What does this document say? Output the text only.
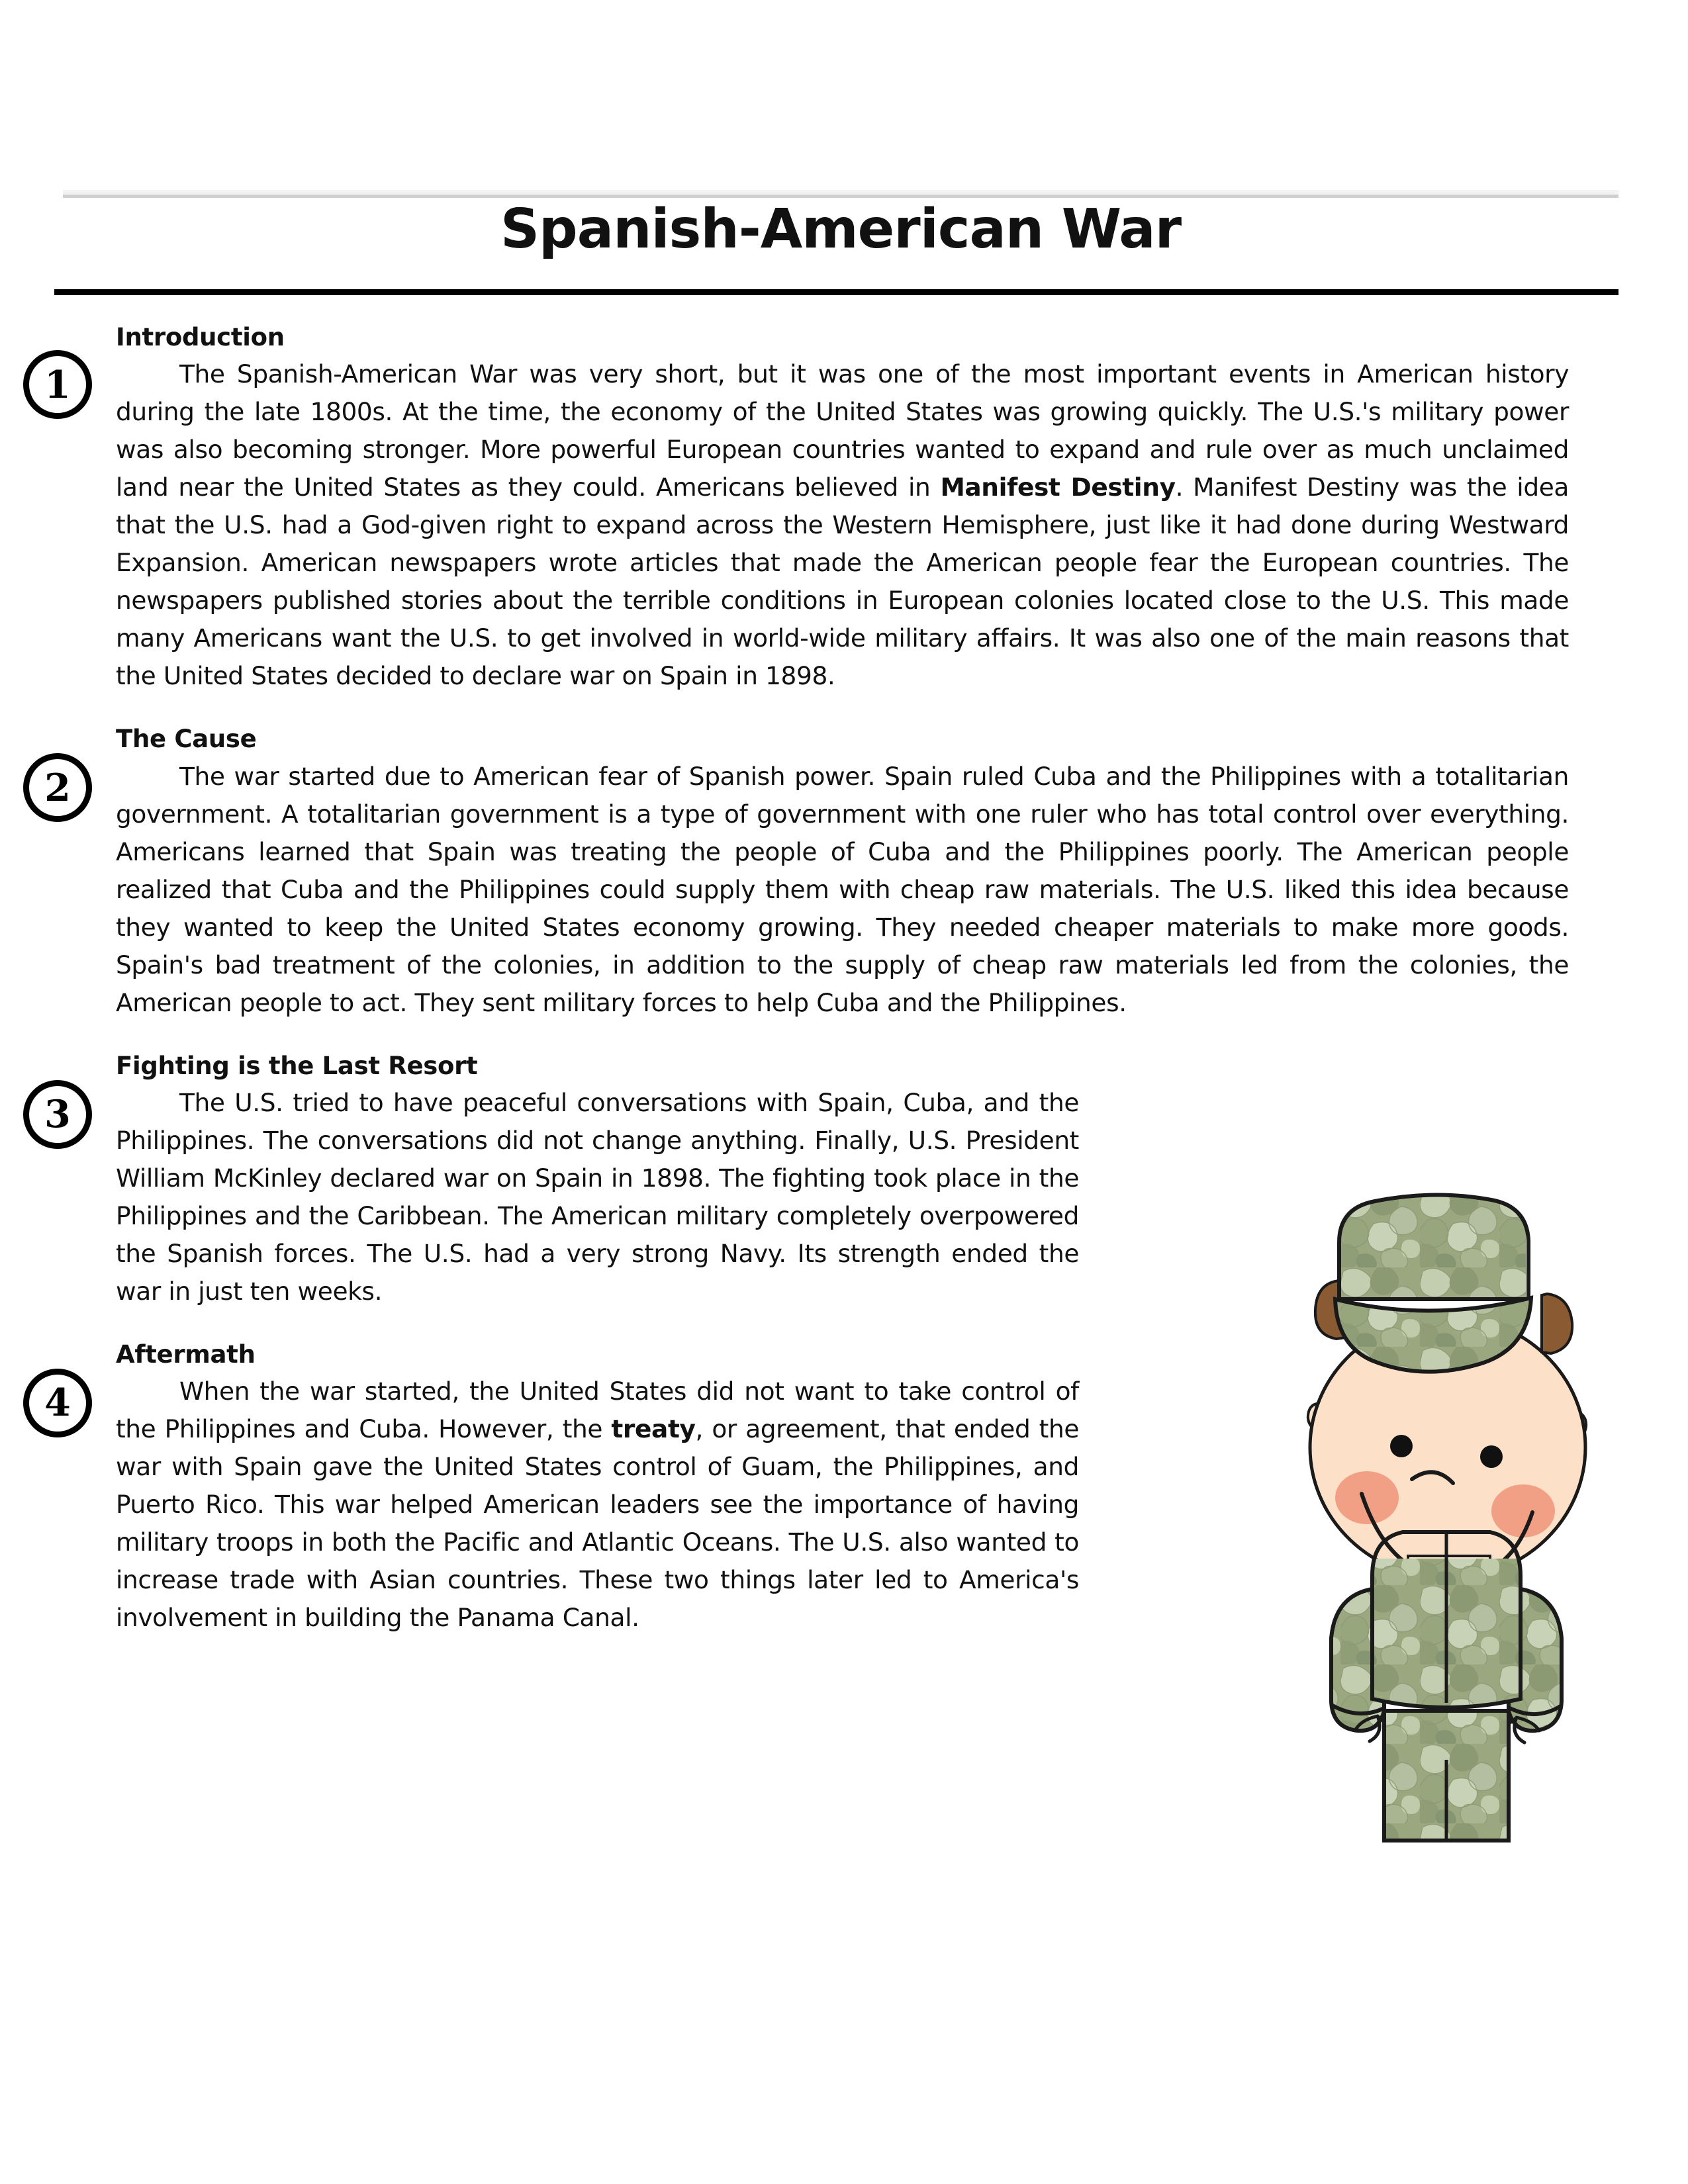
Spanish-American War
1
Introduction
The Spanish-American War was very short, but it was one of the most important events in American history during the late 1800s. At the time, the economy of the United States was growing quickly. The U.S.'s military power was also becoming stronger. More powerful European countries wanted to expand and rule over as much unclaimed land near the United States as they could. Americans believed in Manifest Destiny. Manifest Destiny was the idea that the U.S. had a God-given right to expand across the Western Hemisphere, just like it had done during Westward Expansion. American newspapers wrote articles that made the American people fear the European countries. The newspapers published stories about the terrible conditions in European colonies located close to the U.S. This made many Americans want the U.S. to get involved in world-wide military affairs. It was also one of the main reasons that the United States decided to declare war on Spain in 1898.
2
The Cause
The war started due to American fear of Spanish power. Spain ruled Cuba and the Philippines with a totalitarian government. A totalitarian government is a type of government with one ruler who has total control over everything. Americans learned that Spain was treating the people of Cuba and the Philippines poorly. The American people realized that Cuba and the Philippines could supply them with cheap raw materials. The U.S. liked this idea because they wanted to keep the United States economy growing. They needed cheaper materials to make more goods. Spain's bad treatment of the colonies, in addition to the supply of cheap raw materials led from the colonies, the American people to act. They sent military forces to help Cuba and the Philippines.
3
Fighting is the Last Resort
The U.S. tried to have peaceful conversations with Spain, Cuba, and the Philippines. The conversations did not change anything. Finally, U.S. President William McKinley declared war on Spain in 1898. The fighting took place in the Philippines and the Caribbean. The American military completely overpowered the Spanish forces. The U.S. had a very strong Navy. Its strength ended the war in just ten weeks.
4
Aftermath
When the war started, the United States did not want to take control of the Philippines and Cuba. However, the treaty, or agreement, that ended the war with Spain gave the United States control of Guam, the Philippines, and Puerto Rico. This war helped American leaders see the importance of having military troops in both the Pacific and Atlantic Oceans. The U.S. also wanted to increase trade with Asian countries. These two things later led to America's involvement in building the Panama Canal.
